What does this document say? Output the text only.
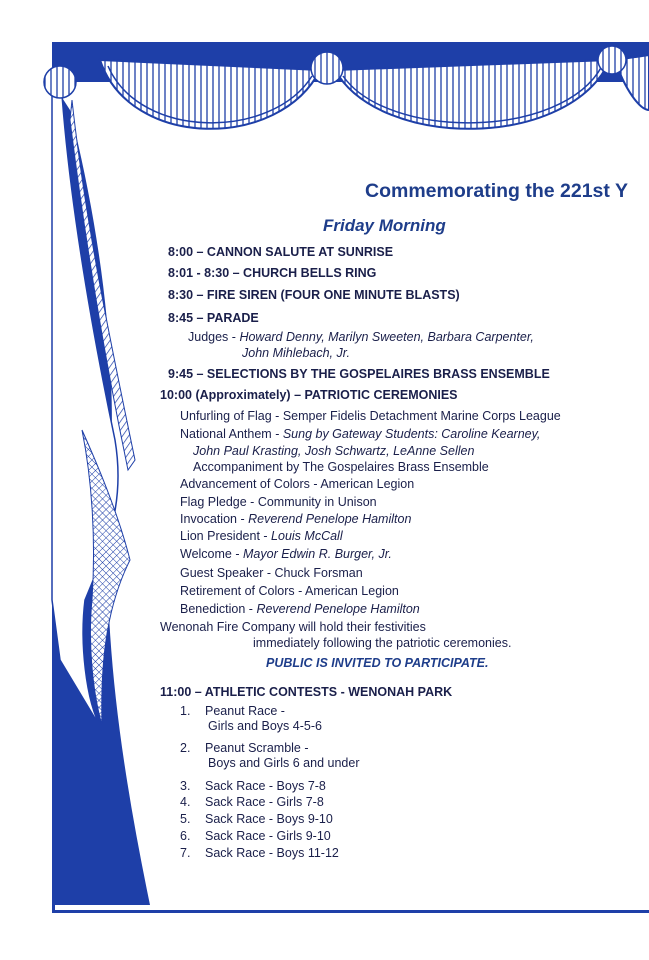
Commemorating the 221st Y
Friday Morning
8:00 – CANNON SALUTE AT SUNRISE
8:01 - 8:30 – CHURCH BELLS RING
8:30 – FIRE SIREN (FOUR ONE MINUTE BLASTS)
8:45 – PARADE
Judges - Howard Denny, Marilyn Sweeten, Barbara Carpenter,
John Mihlebach, Jr.
9:45 – SELECTIONS BY THE GOSPELAIRES BRASS ENSEMBLE
10:00 (Approximately) – PATRIOTIC CEREMONIES
Unfurling of Flag - Semper Fidelis Detachment Marine Corps League
National Anthem - Sung by Gateway Students: Caroline Kearney,
John Paul Krasting, Josh Schwartz, LeAnne Sellen
Accompaniment by The Gospelaires Brass Ensemble
Advancement of Colors - American Legion
Flag Pledge - Community in Unison
Invocation - Reverend Penelope Hamilton
Lion President - Louis McCall
Welcome - Mayor Edwin R. Burger, Jr.
Guest Speaker - Chuck Forsman
Retirement of Colors - American Legion
Benediction - Reverend Penelope Hamilton
Wenonah Fire Company will hold their festivities
immediately following the patriotic ceremonies.
PUBLIC IS INVITED TO PARTICIPATE.
11:00 – ATHLETIC CONTESTS - WENONAH PARK
1. Peanut Race -
Girls and Boys 4-5-6
2. Peanut Scramble -
Boys and Girls 6 and under
3. Sack Race - Boys 7-8
4. Sack Race - Girls 7-8
5. Sack Race - Boys 9-10
6. Sack Race - Girls 9-10
7. Sack Race - Boys 11-12
